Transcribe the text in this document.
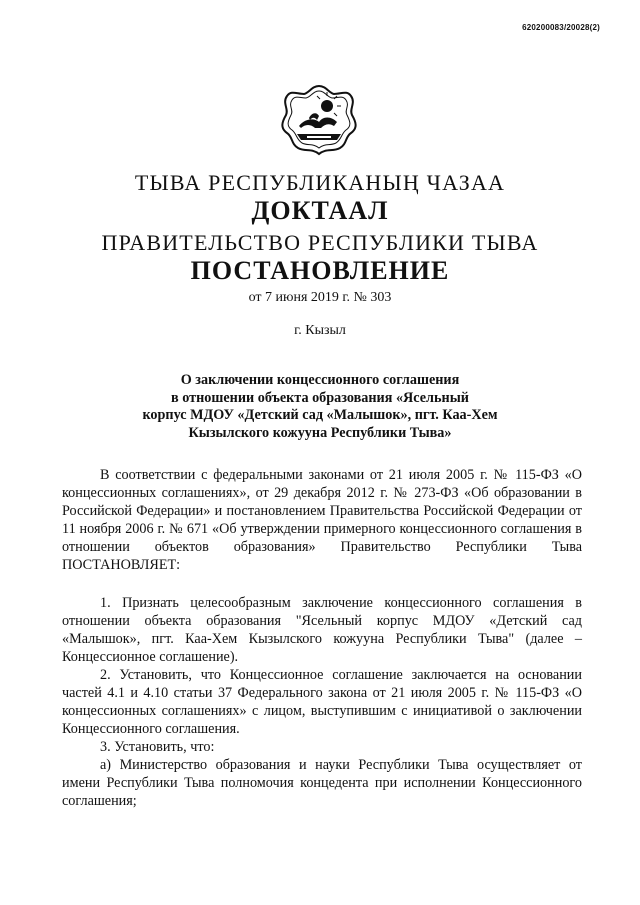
620200083/20028(2)
ТЫВА РЕСПУБЛИКАНЫҢ ЧАЗАА
ДОКТААЛ
ПРАВИТЕЛЬСТВО РЕСПУБЛИКИ ТЫВА
ПОСТАНОВЛЕНИЕ
от 7 июня 2019 г. № 303
г. Кызыл
О заключении концессионного соглашения
в отношении объекта образования «Ясельный
корпус МДОУ «Детский сад «Малышок», пгт. Каа-Хем
Кызылского кожууна Республики Тыва»

В соответствии с федеральными законами от 21 июля 2005 г. № 115-ФЗ «О концессионных соглашениях», от 29 декабря 2012 г. № 273-ФЗ «Об образовании в Российской Федерации» и постановлением Правительства Российской Федерации от 11 ноября 2006 г. № 671 «Об утверждении примерного концессионного соглашения в отношении объектов образования» Правительство Республики Тыва ПОСТАНОВЛЯЕТ:

1. Признать целесообразным заключение концессионного соглашения в отношении объекта образования "Ясельный корпус МДОУ «Детский сад «Малышок», пгт. Каа-Хем Кызылского кожууна Республики Тыва" (далее – Концессионное соглашение).

2. Установить, что Концессионное соглашение заключается на основании частей 4.1 и 4.10 статьи 37 Федерального закона от 21 июля 2005 г. № 115-ФЗ «О концессионных соглашениях» с лицом, выступившим с инициативой о заключении Концессионного соглашения.

3. Установить, что:

а) Министерство образования и науки Республики Тыва осуществляет от имени Республики Тыва полномочия концедента при исполнении Концессионного соглашения;
